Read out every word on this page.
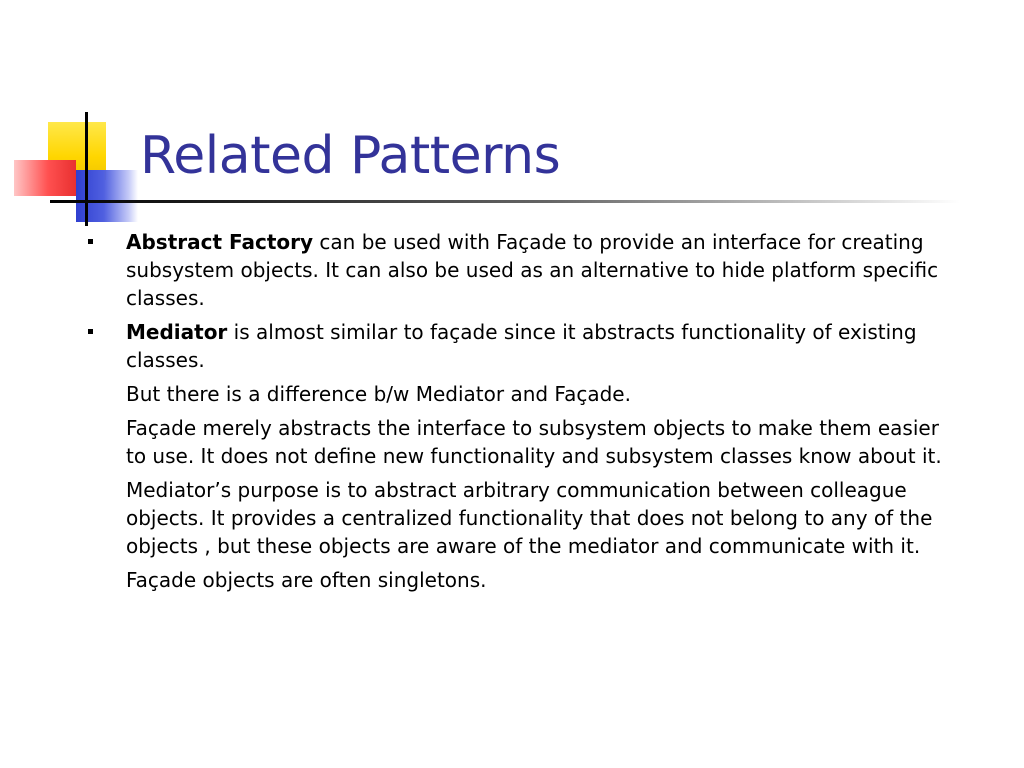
Related Patterns

Abstract Factory can be used with Façade to provide an interface for creating subsystem objects. It can also be used as an alternative to hide platform specific classes.

Mediator is almost similar to façade since it abstracts functionality of existing classes.

But there is a difference b/w Mediator and Façade.

Façade merely abstracts the interface to subsystem objects to make them easier to use. It does not define new functionality and subsystem classes know about it.

Mediator’s purpose is to abstract arbitrary communication between colleague objects. It provides a centralized functionality that does not belong to any of the objects , but these objects are aware of the mediator and communicate with it.

Façade objects are often singletons.
